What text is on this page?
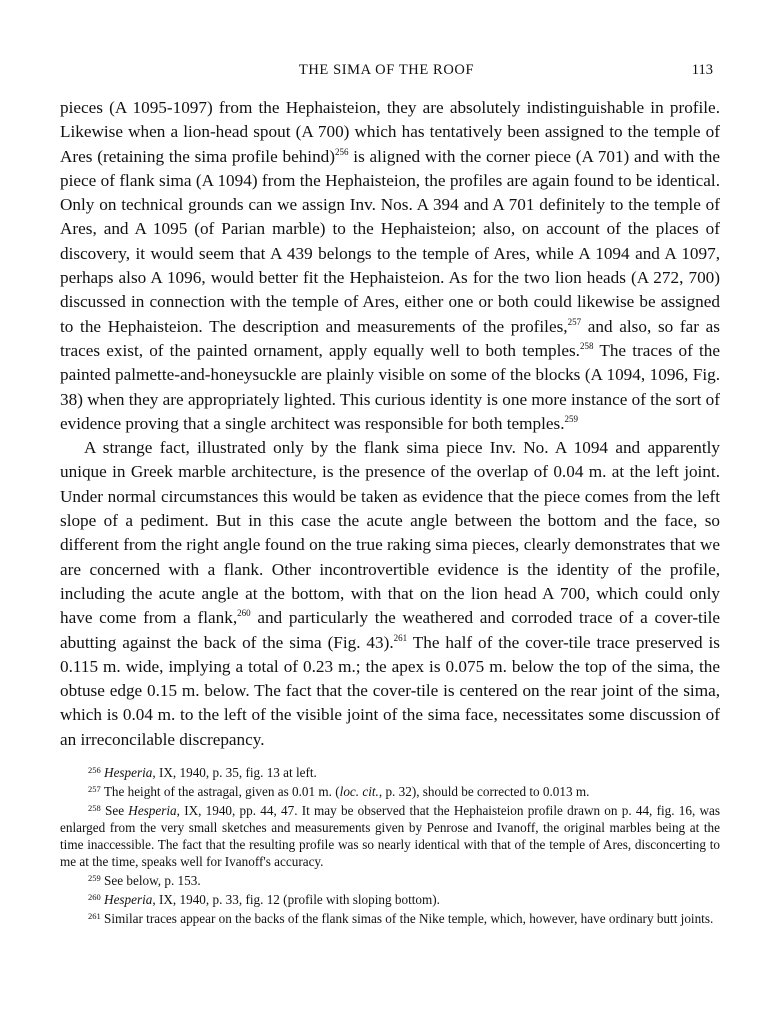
THE SIMA OF THE ROOF	113

pieces (A 1095-1097) from the Hephaisteion, they are absolutely indistinguishable in profile. Likewise when a lion-head spout (A 700) which has tentatively been assigned to the temple of Ares (retaining the sima profile behind)$^{256}$ is aligned with the corner piece (A 701) and with the piece of flank sima (A 1094) from the Hephaisteion, the profiles are again found to be identical. Only on technical grounds can we assign Inv. Nos. A 394 and A 701 definitely to the temple of Ares, and A 1095 (of Parian marble) to the Hephaisteion; also, on account of the places of discovery, it would seem that A 439 belongs to the temple of Ares, while A 1094 and A 1097, perhaps also A 1096, would better fit the Hephaisteion. As for the two lion heads (A 272, 700) discussed in connection with the temple of Ares, either one or both could likewise be assigned to the Hephaisteion. The description and measurements of the profiles,$^{257}$ and also, so far as traces exist, of the painted ornament, apply equally well to both temples.$^{258}$ The traces of the painted palmette-and-honeysuckle are plainly visible on some of the blocks (A 1094, 1096, Fig. 38) when they are appropriately lighted. This curious identity is one more instance of the sort of evidence proving that a single architect was responsible for both temples.$^{259}$

A strange fact, illustrated only by the flank sima piece Inv. No. A 1094 and apparently unique in Greek marble architecture, is the presence of the overlap of 0.04 m. at the left joint. Under normal circumstances this would be taken as evidence that the piece comes from the left slope of a pediment. But in this case the acute angle between the bottom and the face, so different from the right angle found on the true raking sima pieces, clearly demonstrates that we are concerned with a flank. Other incontrovertible evidence is the identity of the profile, including the acute angle at the bottom, with that on the lion head A 700, which could only have come from a flank,$^{260}$ and particularly the weathered and corroded trace of a cover-tile abutting against the back of the sima (Fig. 43).$^{261}$ The half of the cover-tile trace preserved is 0.115 m. wide, implying a total of 0.23 m.; the apex is 0.075 m. below the top of the sima, the obtuse edge 0.15 m. below. The fact that the cover-tile is centered on the rear joint of the sima, which is 0.04 m. to the left of the visible joint of the sima face, necessitates some discussion of an irreconcilable discrepancy.

$^{256}$ Hesperia, IX, 1940, p. 35, fig. 13 at left.

$^{257}$ The height of the astragal, given as 0.01 m. (loc. cit., p. 32), should be corrected to 0.013 m.

$^{258}$ See Hesperia, IX, 1940, pp. 44, 47. It may be observed that the Hephaisteion profile drawn on p. 44, fig. 16, was enlarged from the very small sketches and measurements given by Penrose and Ivanoff, the original marbles being at the time inaccessible. The fact that the resulting profile was so nearly identical with that of the temple of Ares, disconcerting to me at the time, speaks well for Ivanoff's accuracy.

$^{259}$ See below, p. 153.

$^{260}$ Hesperia, IX, 1940, p. 33, fig. 12 (profile with sloping bottom).

$^{261}$ Similar traces appear on the backs of the flank simas of the Nike temple, which, however, have ordinary butt joints.
